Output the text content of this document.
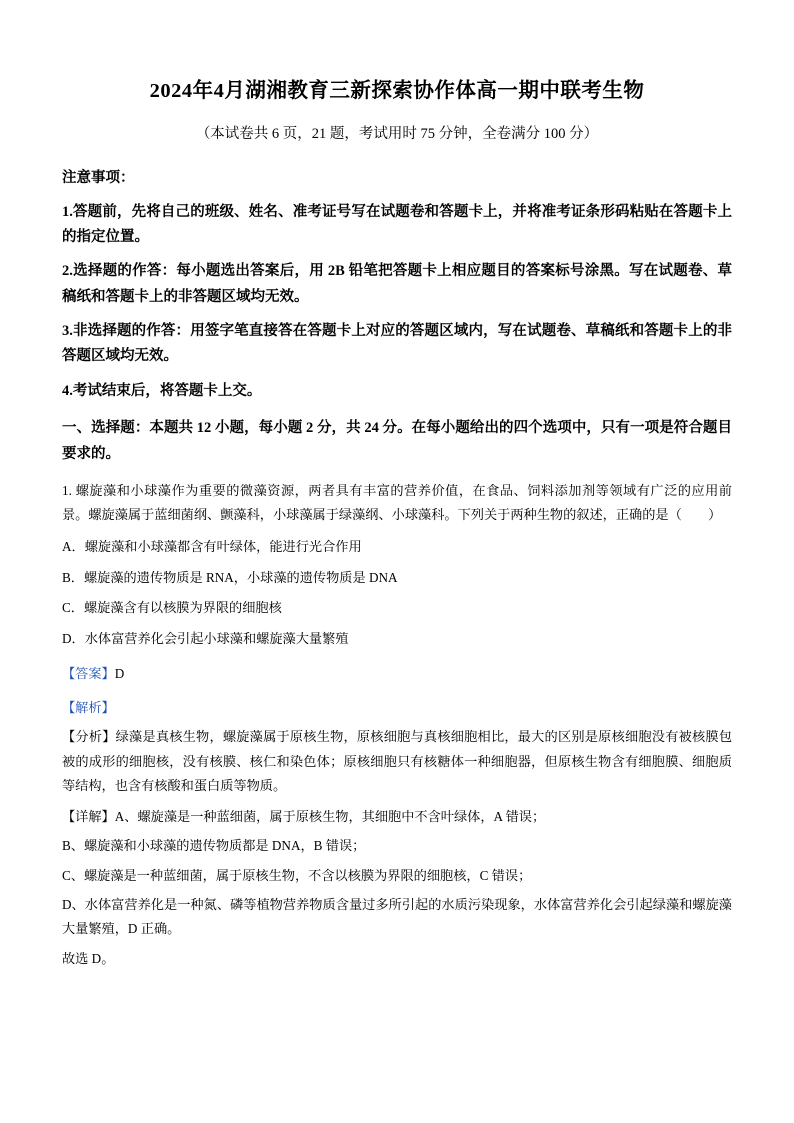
2024年4月湖湘教育三新探索协作体高一期中联考生物

（本试卷共 6 页，21 题，考试用时 75 分钟，全卷满分 100 分）

注意事项：

1.答题前，先将自己的班级、姓名、准考证号写在试题卷和答题卡上，并将准考证条形码粘贴在答题卡上的指定位置。

2.选择题的作答：每小题选出答案后，用 2B 铅笔把答题卡上相应题目的答案标号涂黑。写在试题卷、草稿纸和答题卡上的非答题区域均无效。

3.非选择题的作答：用签字笔直接答在答题卡上对应的答题区域内，写在试题卷、草稿纸和答题卡上的非答题区域均无效。

4.考试结束后，将答题卡上交。

一、选择题：本题共 12 小题，每小题 2 分，共 24 分。在每小题给出的四个选项中，只有一项是符合题目要求的。

1. 螺旋藻和小球藻作为重要的微藻资源，两者具有丰富的营养价值，在食品、饲料添加剂等领域有广泛的应用前景。螺旋藻属于蓝细菌纲、颤藻科，小球藻属于绿藻纲、小球藻科。下列关于两种生物的叙述，正确的是（　　）

A．螺旋藻和小球藻都含有叶绿体，能进行光合作用

B．螺旋藻的遗传物质是 RNA，小球藻的遗传物质是 DNA

C．螺旋藻含有以核膜为界限的细胞核

D．水体富营养化会引起小球藻和螺旋藻大量繁殖

【答案】D

【解析】

【分析】绿藻是真核生物，螺旋藻属于原核生物，原核细胞与真核细胞相比，最大的区别是原核细胞没有被核膜包被的成形的细胞核，没有核膜、核仁和染色体；原核细胞只有核糖体一种细胞器，但原核生物含有细胞膜、细胞质等结构，也含有核酸和蛋白质等物质。

【详解】A、螺旋藻是一种蓝细菌，属于原核生物，其细胞中不含叶绿体，A 错误；

B、螺旋藻和小球藻的遗传物质都是 DNA，B 错误；

C、螺旋藻是一种蓝细菌，属于原核生物，不含以核膜为界限的细胞核，C 错误；

D、水体富营养化是一种氮、磷等植物营养物质含量过多所引起的水质污染现象，水体富营养化会引起绿藻和螺旋藻大量繁殖，D 正确。

故选 D。
